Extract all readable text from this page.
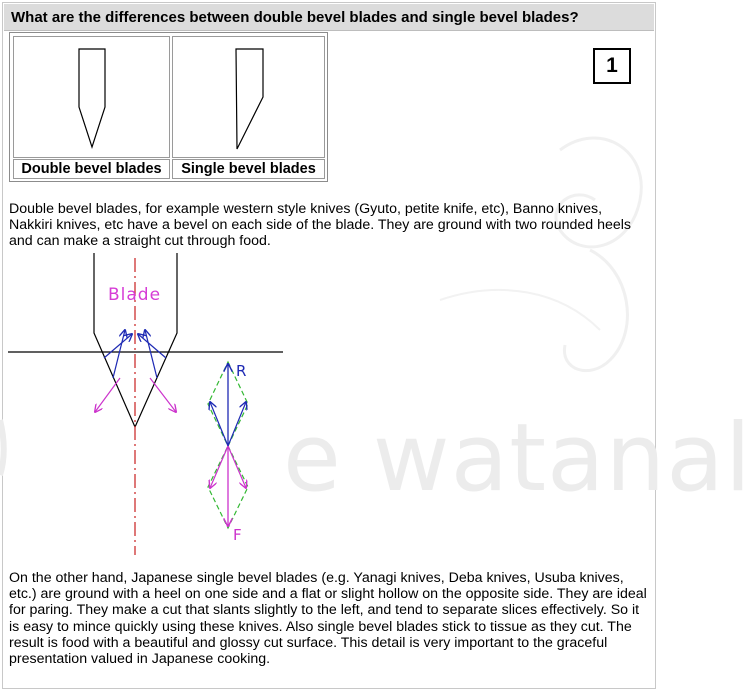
What are the differences between double bevel blades and single bevel blades?
e watanal
Double bevel blades	Single bevel blades
1
Double bevel blades, for example western style knives (Gyuto, petite knife, etc), Banno knives, Nakkiri knives, etc have a bevel on each side of the blade. They are ground with two rounded heels and can make a straight cut through food.
Blade
R
F
On the other hand, Japanese single bevel blades (e.g. Yanagi knives, Deba knives, Usuba knives, etc.) are ground with a heel on one side and a flat or slight hollow on the opposite side. They are ideal for paring. They make a cut that slants slightly to the left, and tend to separate slices effectively. So it is easy to mince quickly using these knives. Also single bevel blades stick to tissue as they cut. The result is food with a beautiful and glossy cut surface. This detail is very important to the graceful presentation valued in Japanese cooking.
